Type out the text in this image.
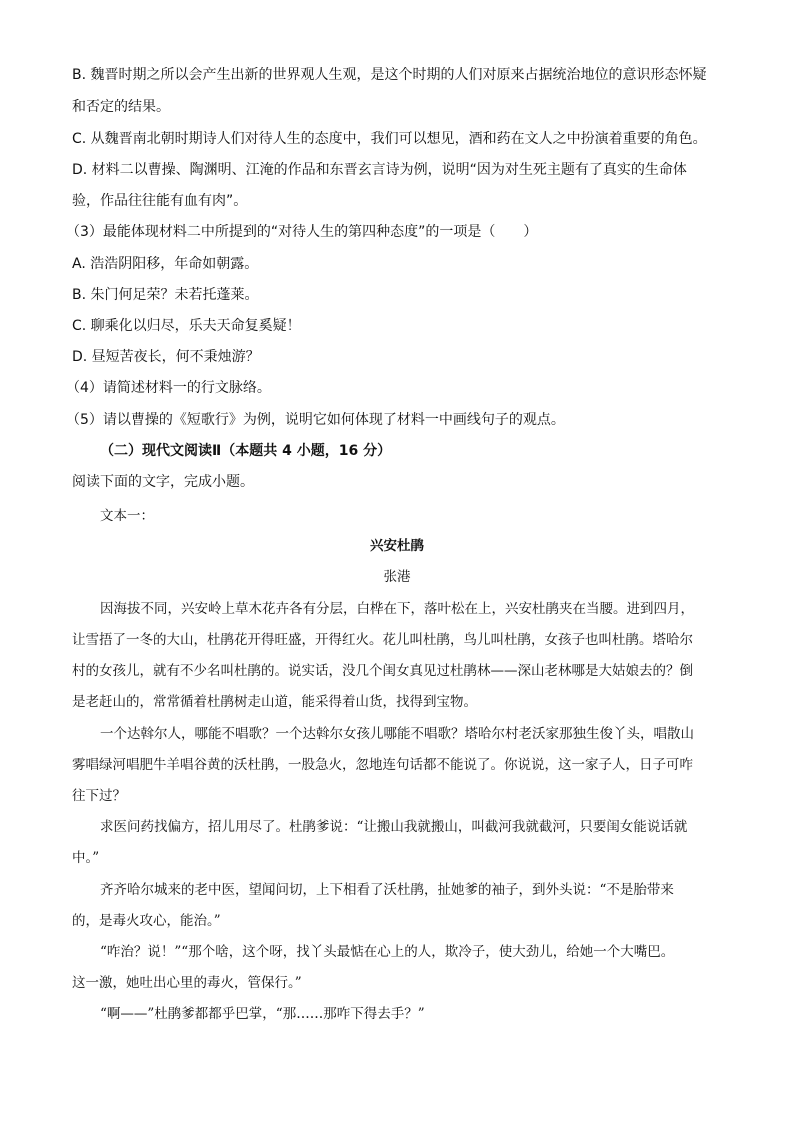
B. 魏晋时期之所以会产生出新的世界观人生观，是这个时期的人们对原来占据统治地位的意识形态怀疑
和否定的结果。
C. 从魏晋南北朝时期诗人们对待人生的态度中，我们可以想见，酒和药在文人之中扮演着重要的角色。
D. 材料二以曹操、陶渊明、江淹的作品和东晋玄言诗为例，说明“因为对生死主题有了真实的生命体
验，作品往往能有血有肉”。
（3）最能体现材料二中所提到的“对待人生的第四种态度”的一项是（　　）
A. 浩浩阴阳移，年命如朝露。
B. 朱门何足荣？未若托蓬莱。
C. 聊乘化以归尽，乐夫天命复奚疑！
D. 昼短苦夜长，何不秉烛游？
（4）请简述材料一的行文脉络。
（5）请以曹操的《短歌行》为例，说明它如何体现了材料一中画线句子的观点。
（二）现代文阅读Ⅱ（本题共 4 小题，16 分）
阅读下面的文字，完成小题。
文本一：
兴安杜鹃
张港
因海拔不同，兴安岭上草木花卉各有分层，白桦在下，落叶松在上，兴安杜鹃夹在当腰。进到四月，
让雪捂了一冬的大山，杜鹃花开得旺盛，开得红火。花儿叫杜鹃，鸟儿叫杜鹃，女孩子也叫杜鹃。塔哈尔
村的女孩儿，就有不少名叫杜鹃的。说实话，没几个闺女真见过杜鹃林——深山老林哪是大姑娘去的？倒
是老赶山的，常常循着杜鹃树走山道，能采得着山货，找得到宝物。
一个达斡尔人，哪能不唱歌？一个达斡尔女孩儿哪能不唱歌？塔哈尔村老沃家那独生俊丫头，唱散山
雾唱绿河唱肥牛羊唱谷黄的沃杜鹃，一股急火，忽地连句话都不能说了。你说说，这一家子人，日子可咋
往下过？
求医问药找偏方，招儿用尽了。杜鹃爹说：“让搬山我就搬山，叫截河我就截河，只要闺女能说话就
中。”
齐齐哈尔城来的老中医，望闻问切，上下相看了沃杜鹃，扯她爹的袖子，到外头说：“不是胎带来
的，是毒火攻心，能治。”
“咋治？说！”“那个啥，这个呀，找丫头最惦在心上的人，欺冷子，使大劲儿，给她一个大嘴巴。
这一激，她吐出心里的毒火，管保行。”
“啊——”杜鹃爹都都乎巴掌，“那……那咋下得去手？”
